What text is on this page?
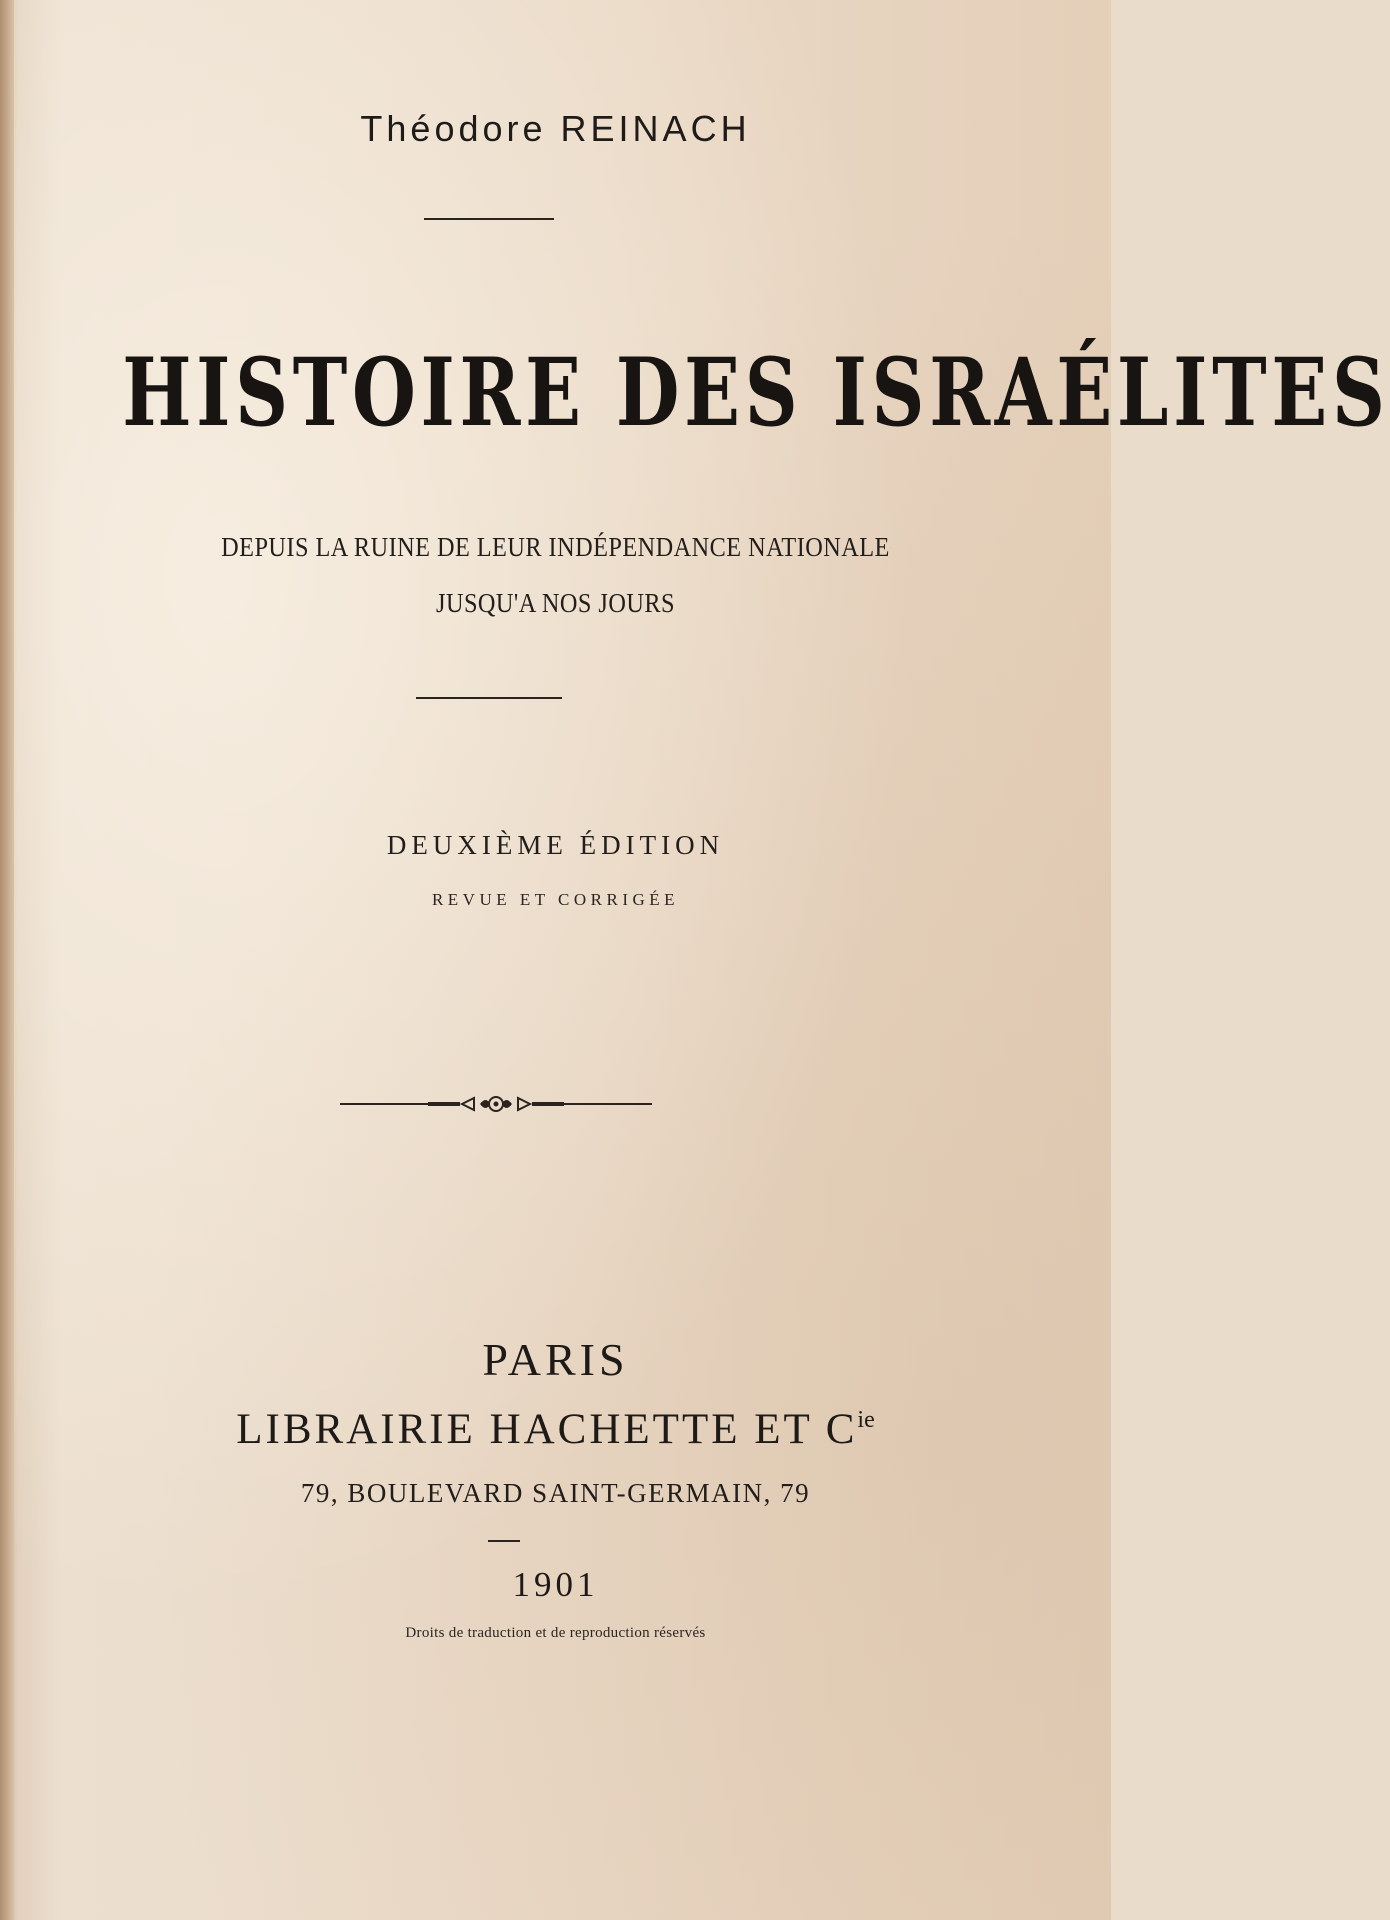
Théodore REINACH
HISTOIRE DES ISRAÉLITES
DEPUIS LA RUINE DE LEUR INDÉPENDANCE NATIONALE
JUSQU'A NOS JOURS
DEUXIÈME ÉDITION
REVUE ET CORRIGÉE
PARIS
LIBRAIRIE HACHETTE ET $C^{ie}$
79, BOULEVARD SAINT-GERMAIN, 79
1901
Droits de traduction et de reproduction réservés
